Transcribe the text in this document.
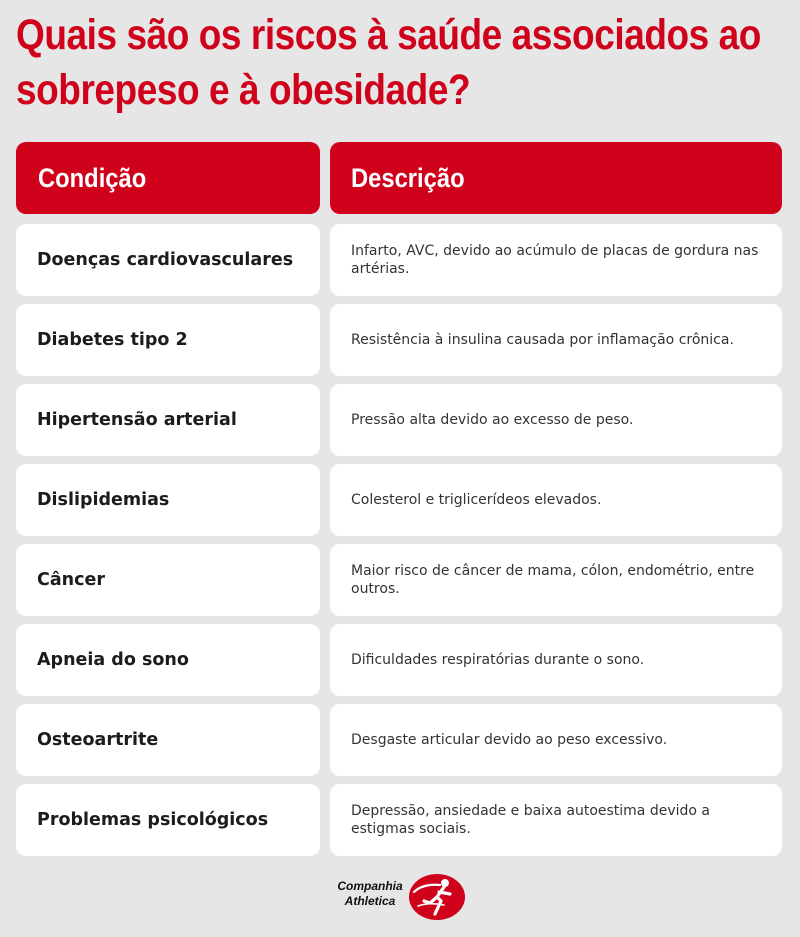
Quais são os riscos à saúde associados ao sobrepeso e à obesidade?
Condição	Descrição
Doenças cardiovasculares	Infarto, AVC, devido ao acúmulo de placas de gordura nas artérias.
Diabetes tipo 2	Resistência à insulina causada por inflamação crônica.
Hipertensão arterial	Pressão alta devido ao excesso de peso.
Dislipidemias	Colesterol e triglicerídeos elevados.
Câncer	Maior risco de câncer de mama, cólon, endométrio, entre outros.
Apneia do sono	Dificuldades respiratórias durante o sono.
Osteoartrite	Desgaste articular devido ao peso excessivo.
Problemas psicológicos	Depressão, ansiedade e baixa autoestima devido a estigmas sociais.
Companhia
Athletica
